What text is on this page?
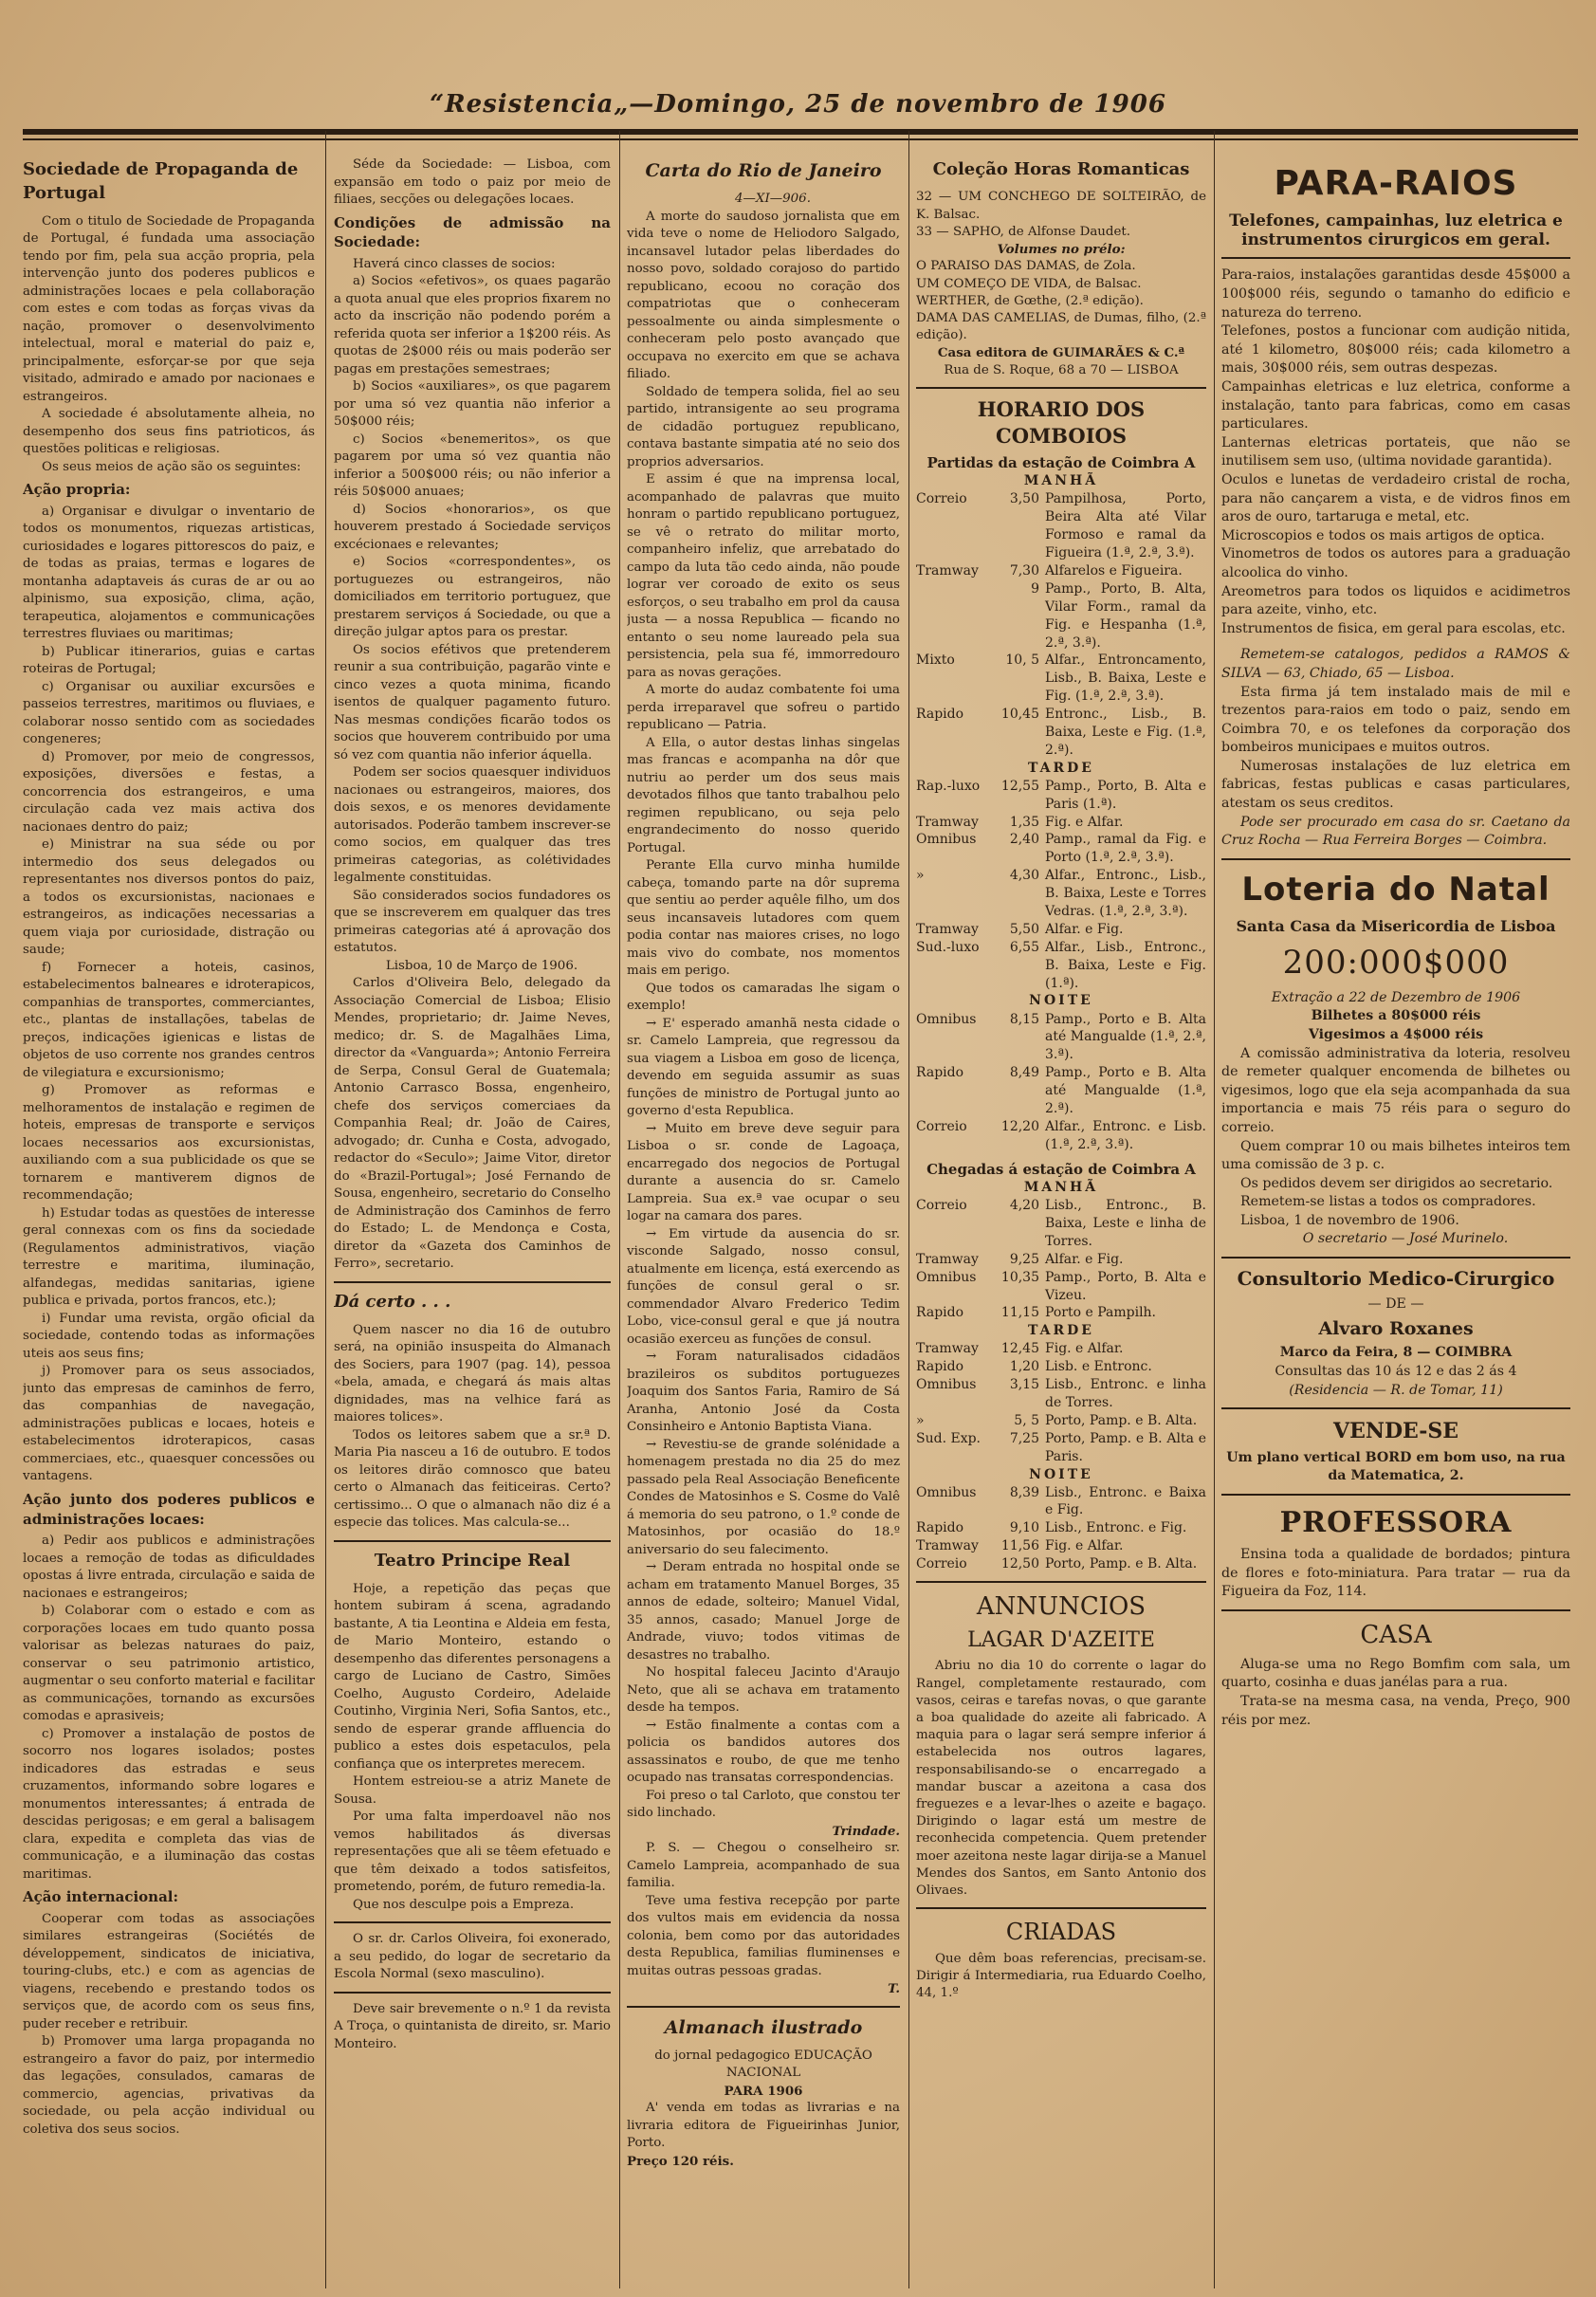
“Resistencia„—Domingo, 25 de novembro de 1906
Sociedade de Propaganda de Portugal

Com o titulo de Sociedade de Propaganda de Portugal, é fundada uma associação tendo por fim, pela sua acção propria, pela intervenção junto dos poderes publicos e administrações locaes e pela collaboração com estes e com todas as forças vivas da nação, promover o desenvolvimento intelectual, moral e material do paiz e, principalmente, esforçar-se por que seja visitado, admirado e amado por nacionaes e estrangeiros.

A sociedade é absolutamente alheia, no desempenho dos seus fins patrioticos, ás questões politicas e religiosas.

Os seus meios de ação são os seguintes:

Ação propria:

a) Organisar e divulgar o inventario de todos os monumentos, riquezas artisticas, curiosidades e logares pittorescos do paiz, e de todas as praias, termas e logares de montanha adaptaveis ás curas de ar ou ao alpinismo, sua exposição, clima, ação, terapeutica, alojamentos e communicações terrestres fluviaes ou maritimas;

b) Publicar itinerarios, guias e cartas roteiras de Portugal;

c) Organisar ou auxiliar excursões e passeios terrestres, maritimos ou fluviaes, e colaborar nosso sentido com as sociedades congeneres;

d) Promover, por meio de congressos, exposições, diversões e festas, a concorrencia dos estrangeiros, e uma circulação cada vez mais activa dos nacionaes dentro do paiz;

e) Ministrar na sua séde ou por intermedio dos seus delegados ou representantes nos diversos pontos do paiz, a todos os excursionistas, nacionaes e estrangeiros, as indicações necessarias a quem viaja por curiosidade, distração ou saude;

f) Fornecer a hoteis, casinos, estabelecimentos balneares e idroterapicos, companhias de transportes, commerciantes, etc., plantas de installações, tabelas de preços, indicações igienicas e listas de objetos de uso corrente nos grandes centros de vilegiatura e excursionismo;

g) Promover as reformas e melhoramentos de instalação e regimen de hoteis, empresas de transporte e serviços locaes necessarios aos excursionistas, auxiliando com a sua publicidade os que se tornarem e mantiverem dignos de recommendação;

h) Estudar todas as questões de interesse geral connexas com os fins da sociedade (Regulamentos administrativos, viação terrestre e maritima, iluminação, alfandegas, medidas sanitarias, igiene publica e privada, portos francos, etc.);

i) Fundar uma revista, orgão oficial da sociedade, contendo todas as informações uteis aos seus fins;

j) Promover para os seus associados, junto das empresas de caminhos de ferro, das companhias de navegação, administrações publicas e locaes, hoteis e estabelecimentos idroterapicos, casas commerciaes, etc., quaesquer concessões ou vantagens.

Ação junto dos poderes publicos e administrações locaes:

a) Pedir aos publicos e administrações locaes a remoção de todas as dificuldades opostas á livre entrada, circulação e saida de nacionaes e estrangeiros;

b) Colaborar com o estado e com as corporações locaes em tudo quanto possa valorisar as belezas naturaes do paiz, conservar o seu patrimonio artistico, augmentar o seu conforto material e facilitar as communicações, tornando as excursões comodas e aprasiveis;

c) Promover a instalação de postos de socorro nos logares isolados; postes indicadores das estradas e seus cruzamentos, informando sobre logares e monumentos interessantes; á entrada de descidas perigosas; e em geral a balisagem clara, expedita e completa das vias de communicação, e a iluminação das costas maritimas.

Ação internacional:

Cooperar com todas as associações similares estrangeiras (Sociétés de développement, sindicatos de iniciativa, touring-clubs, etc.) e com as agencias de viagens, recebendo e prestando todos os serviços que, de acordo com os seus fins, puder receber e retribuir.

b) Promover uma larga propaganda no estrangeiro a favor do paiz, por intermedio das legações, consulados, camaras de commercio, agencias, privativas da sociedade, ou pela acção individual ou coletiva dos seus socios.

Séde da Sociedade: — Lisboa, com expansão em todo o paiz por meio de filiaes, secções ou delegações locaes.

Condições de admissão na Sociedade:

Haverá cinco classes de socios:

a) Socios «efetivos», os quaes pagarão a quota anual que eles proprios fixarem no acto da inscrição não podendo porém a referida quota ser inferior a 1$200 réis. As quotas de 2$000 réis ou mais poderão ser pagas em prestações semestraes;

b) Socios «auxiliares», os que pagarem por uma só vez quantia não inferior a 50$000 réis;

c) Socios «benemeritos», os que pagarem por uma só vez quantia não inferior a 500$000 réis; ou não inferior a réis 50$000 anuaes;

d) Socios «honorarios», os que houverem prestado á Sociedade serviços excécionaes e relevantes;

e) Socios «correspondentes», os portuguezes ou estrangeiros, não domiciliados em territorio portuguez, que prestarem serviços á Sociedade, ou que a direção julgar aptos para os prestar.

Os socios efétivos que pretenderem reunir a sua contribuição, pagarão vinte e cinco vezes a quota minima, ficando isentos de qualquer pagamento futuro. Nas mesmas condições ficarão todos os socios que houverem contribuido por uma só vez com quantia não inferior áquella.

Podem ser socios quaesquer individuos nacionaes ou estrangeiros, maiores, dos dois sexos, e os menores devidamente autorisados. Poderão tambem inscrever-se como socios, em qualquer das tres primeiras categorias, as colétividades legalmente constituidas.

São considerados socios fundadores os que se inscreverem em qualquer das tres primeiras categorias até á aprovação dos estatutos.

Lisboa, 10 de Março de 1906.

Carlos d'Oliveira Belo, delegado da Associação Comercial de Lisboa; Elisio Mendes, proprietario; dr. Jaime Neves, medico; dr. S. de Magalhães Lima, director da «Vanguarda»; Antonio Ferreira de Serpa, Consul Geral de Guatemala; Antonio Carrasco Bossa, engenheiro, chefe dos serviços comerciaes da Companhia Real; dr. João de Caires, advogado; dr. Cunha e Costa, advogado, redactor do «Seculo»; Jaime Vitor, diretor do «Brazil-Portugal»; José Fernando de Sousa, engenheiro, secretario do Conselho de Administração dos Caminhos de ferro do Estado; L. de Mendonça e Costa, diretor da «Gazeta dos Caminhos de Ferro», secretario.

Dá certo . . .

Quem nascer no dia 16 de outubro será, na opinião insuspeita do Almanach des Sociers, para 1907 (pag. 14), pessoa «bela, amada, e chegará ás mais altas dignidades, mas na velhice fará as maiores tolices».

Todos os leitores sabem que a sr.ª D. Maria Pia nasceu a 16 de outubro. E todos os leitores dirão comnosco que bateu certo o Almanach das feiticeiras. Certo? certissimo... O que o almanach não diz é a especie das tolices. Mas calcula-se...

Teatro Principe Real

Hoje, a repetição das peças que hontem subiram á scena, agradando bastante, A tia Leontina e Aldeia em festa, de Mario Monteiro, estando o desempenho das diferentes personagens a cargo de Luciano de Castro, Simões Coelho, Augusto Cordeiro, Adelaide Coutinho, Virginia Neri, Sofia Santos, etc., sendo de esperar grande affluencia do publico a estes dois espetaculos, pela confiança que os interpretes merecem.

Hontem estreiou-se a atriz Manete de Sousa.

Por uma falta imperdoavel não nos vemos habilitados ás diversas representações que ali se têem efetuado e que têm deixado a todos satisfeitos, prometendo, porém, de futuro remedia-la.

Que nos desculpe pois a Empreza.

O sr. dr. Carlos Oliveira, foi exonerado, a seu pedido, do logar de secretario da Escola Normal (sexo masculino).

Deve sair brevemente o n.º 1 da revista A Troça, o quintanista de direito, sr. Mario Monteiro.

Carta do Rio de Janeiro

4—XI—906.

A morte do saudoso jornalista que em vida teve o nome de Heliodoro Salgado, incansavel lutador pelas liberdades do nosso povo, soldado corajoso do partido republicano, ecoou no coração dos compatriotas que o conheceram pessoalmente ou ainda simplesmente o conheceram pelo posto avançado que occupava no exercito em que se achava filiado.

Soldado de tempera solida, fiel ao seu partido, intransigente ao seu programa de cidadão portuguez republicano, contava bastante simpatia até no seio dos proprios adversarios.

E assim é que na imprensa local, acompanhado de palavras que muito honram o partido republicano portuguez, se vê o retrato do militar morto, companheiro infeliz, que arrebatado do campo da luta tão cedo ainda, não poude lograr ver coroado de exito os seus esforços, o seu trabalho em prol da causa justa — a nossa Republica — ficando no entanto o seu nome laureado pela sua persistencia, pela sua fé, immorredouro para as novas gerações.

A morte do audaz combatente foi uma perda irreparavel que sofreu o partido republicano — Patria.

A Ella, o autor destas linhas singelas mas francas e acompanha na dôr que nutriu ao perder um dos seus mais devotados filhos que tanto trabalhou pelo regimen republicano, ou seja pelo engrandecimento do nosso querido Portugal.

Perante Ella curvo minha humilde cabeça, tomando parte na dôr suprema que sentiu ao perder aquêle filho, um dos seus incansaveis lutadores com quem podia contar nas maiores crises, no logo mais vivo do combate, nos momentos mais em perigo.

Que todos os camaradas lhe sigam o exemplo!

→ E' esperado amanhã nesta cidade o sr. Camelo Lampreia, que regressou da sua viagem a Lisboa em goso de licença, devendo em seguida assumir as suas funções de ministro de Portugal junto ao governo d'esta Republica.

→ Muito em breve deve seguir para Lisboa o sr. conde de Lagoaça, encarregado dos negocios de Portugal durante a ausencia do sr. Camelo Lampreia. Sua ex.ª vae ocupar o seu logar na camara dos pares.

→ Em virtude da ausencia do sr. visconde Salgado, nosso consul, atualmente em licença, está exercendo as funções de consul geral o sr. commendador Alvaro Frederico Tedim Lobo, vice-consul geral e que já noutra ocasião exerceu as funções de consul.

→ Foram naturalisados cidadãos brazileiros os subditos portuguezes Joaquim dos Santos Faria, Ramiro de Sá Aranha, Antonio José da Costa Consinheiro e Antonio Baptista Viana.

→ Revestiu-se de grande solénidade a homenagem prestada no dia 25 do mez passado pela Real Associação Beneficente Condes de Matosinhos e S. Cosme do Valê á memoria do seu patrono, o 1.º conde de Matosinhos, por ocasião do 18.º aniversario do seu falecimento.

→ Deram entrada no hospital onde se acham em tratamento Manuel Borges, 35 annos de edade, solteiro; Manuel Vidal, 35 annos, casado; Manuel Jorge de Andrade, viuvo; todos vitimas de desastres no trabalho.

No hospital faleceu Jacinto d'Araujo Neto, que ali se achava em tratamento desde ha tempos.

→ Estão finalmente a contas com a policia os bandidos autores dos assassinatos e roubo, de que me tenho ocupado nas transatas correspondencias.

Foi preso o tal Carloto, que constou ter sido linchado.

Trindade.

P. S. — Chegou o conselheiro sr. Camelo Lampreia, acompanhado de sua familia.

Teve uma festiva recepção por parte dos vultos mais em evidencia da nossa colonia, bem como por das autoridades desta Republica, familias fluminenses e muitas outras pessoas gradas.

T.

Almanach ilustrado

do jornal pedagogico EDUCAÇÃO NACIONAL

PARA 1906

A' venda em todas as livrarias e na livraria editora de Figueirinhas Junior, Porto.

Preço 120 réis.

Coleção Horas Romanticas

32 — UM CONCHEGO DE SOLTEIRÃO, de K. Balsac.

33 — SAPHO, de Alfonse Daudet.

Volumes no prélo:

O PARAISO DAS DAMAS, de Zola.

UM COMEÇO DE VIDA, de Balsac.

WERTHER, de Gœthe, (2.ª edição).

DAMA DAS CAMELIAS, de Dumas, filho, (2.ª edição).

Casa editora de GUIMARÃES & C.ª

Rua de S. Roque, 68 a 70 — LISBOA

HORARIO DOS COMBOIOS
Partidas da estação de Coimbra A
MANHÃ
Correio	3,50 Pampilhosa, Porto, Beira Alta até Vilar Formoso e ramal da Figueira (1.ª, 2.ª, 3.ª).
Tramway	7,30 Alfarelos e Figueira.
9 Pamp., Porto, B. Alta, Vilar Form., ramal da Fig. e Hespanha (1.ª, 2.ª, 3.ª).
Mixto	10, 5 Alfar., Entroncamento, Lisb., B. Baixa, Leste e Fig. (1.ª, 2.ª, 3.ª).
Rapido	10,45 Entronc., Lisb., B. Baixa, Leste e Fig. (1.ª, 2.ª).
TARDE
Rap.-luxo	12,55 Pamp., Porto, B. Alta e Paris (1.ª).
Tramway	1,35 Fig. e Alfar.
Omnibus	2,40 Pamp., ramal da Fig. e Porto (1.ª, 2.ª, 3.ª).
»	4,30 Alfar., Entronc., Lisb., B. Baixa, Leste e Torres Vedras. (1.ª, 2.ª, 3.ª).
Tramway	5,50 Alfar. e Fig.
Sud.-luxo	6,55 Alfar., Lisb., Entronc., B. Baixa, Leste e Fig. (1.ª).
NOITE
Omnibus	8,15 Pamp., Porto e B. Alta até Mangualde (1.ª, 2.ª, 3.ª).
Rapido	8,49 Pamp., Porto e B. Alta até Mangualde (1.ª, 2.ª).
Correio	12,20 Alfar., Entronc. e Lisb. (1.ª, 2.ª, 3.ª).
Chegadas á estação de Coimbra A
MANHÃ
Correio	4,20 Lisb., Entronc., B. Baixa, Leste e linha de Torres.
Tramway	9,25 Alfar. e Fig.
Omnibus	10,35 Pamp., Porto, B. Alta e Vizeu.
Rapido	11,15 Porto e Pampilh.
TARDE
Tramway	12,45 Fig. e Alfar.
Rapido	1,20 Lisb. e Entronc.
Omnibus	3,15 Lisb., Entronc. e linha de Torres.
»	5, 5 Porto, Pamp. e B. Alta.
Sud. Exp.	7,25 Porto, Pamp. e B. Alta e Paris.
NOITE
Omnibus	8,39 Lisb., Entronc. e Baixa e Fig.
Rapido	9,10 Lisb., Entronc. e Fig.
Tramway	11,56 Fig. e Alfar.
Correio	12,50 Porto, Pamp. e B. Alta.
ANNUNCIOS
LAGAR D'AZEITE

Abriu no dia 10 do corrente o lagar do Rangel, completamente restaurado, com vasos, ceiras e tarefas novas, o que garante a boa qualidade do azeite ali fabricado. A maquia para o lagar será sempre inferior á estabelecida nos outros lagares, responsabilisando-se o encarregado a mandar buscar a azeitona a casa dos freguezes e a levar-lhes o azeite e bagaço. Dirigindo o lagar está um mestre de reconhecida competencia. Quem pretender moer azeitona neste lagar dirija-se a Manuel Mendes dos Santos, em Santo Antonio dos Olivaes.

CRIADAS

Que dêm boas referencias, precisam-se. Dirigir á Intermediaria, rua Eduardo Coelho, 44, 1.º

PARA-RAIOS
Telefones, campainhas, luz eletrica e instrumentos cirurgicos em geral.

Para-raios, instalações garantidas desde 45$000 a 100$000 réis, segundo o tamanho do edificio e natureza do terreno.

Telefones, postos a funcionar com audição nitida, até 1 kilometro, 80$000 réis; cada kilometro a mais, 30$000 réis, sem outras despezas.

Campainhas eletricas e luz eletrica, conforme a instalação, tanto para fabricas, como em casas particulares.

Lanternas eletricas portateis, que não se inutilisem sem uso, (ultima novidade garantida).

Oculos e lunetas de verdadeiro cristal de rocha, para não cançarem a vista, e de vidros finos em aros de ouro, tartaruga e metal, etc.

Microscopios e todos os mais artigos de optica.

Vinometros de todos os autores para a graduação alcoolica do vinho.

Areometros para todos os liquidos e acidimetros para azeite, vinho, etc.

Instrumentos de fisica, em geral para escolas, etc.

Remetem-se catalogos, pedidos a RAMOS & SILVA — 63, Chiado, 65 — Lisboa.

Esta firma já tem instalado mais de mil e trezentos para-raios em todo o paiz, sendo em Coimbra 70, e os telefones da corporação dos bombeiros municipaes e muitos outros.

Numerosas instalações de luz eletrica em fabricas, festas publicas e casas particulares, atestam os seus creditos.

Pode ser procurado em casa do sr. Caetano da Cruz Rocha — Rua Ferreira Borges — Coimbra.

Loteria do Natal
Santa Casa da Misericordia de Lisboa
200:000$000

Extração a 22 de Dezembro de 1906

Bilhetes a 80$000 réis

Vigesimos a 4$000 réis

A comissão administrativa da loteria, resolveu de remeter qualquer encomenda de bilhetes ou vigesimos, logo que ela seja acompanhada da sua importancia e mais 75 réis para o seguro do correio.

Quem comprar 10 ou mais bilhetes inteiros tem uma comissão de 3 p. c.

Os pedidos devem ser dirigidos ao secretario.

Remetem-se listas a todos os compradores.

Lisboa, 1 de novembro de 1906.

O secretario — José Murinelo.

Consultorio Medico-Cirurgico

— DE —

Alvaro Roxanes

Marco da Feira, 8 — COIMBRA

Consultas das 10 ás 12 e das 2 ás 4

(Residencia — R. de Tomar, 11)

VENDE-SE

Um plano vertical BORD em bom uso, na rua da Matematica, 2.

PROFESSORA

Ensina toda a qualidade de bordados; pintura de flores e foto-miniatura. Para tratar — rua da Figueira da Foz, 114.

CASA

Aluga-se uma no Rego Bomfim com sala, um quarto, cosinha e duas janélas para a rua.

Trata-se na mesma casa, na venda, Preço, 900 réis por mez.
